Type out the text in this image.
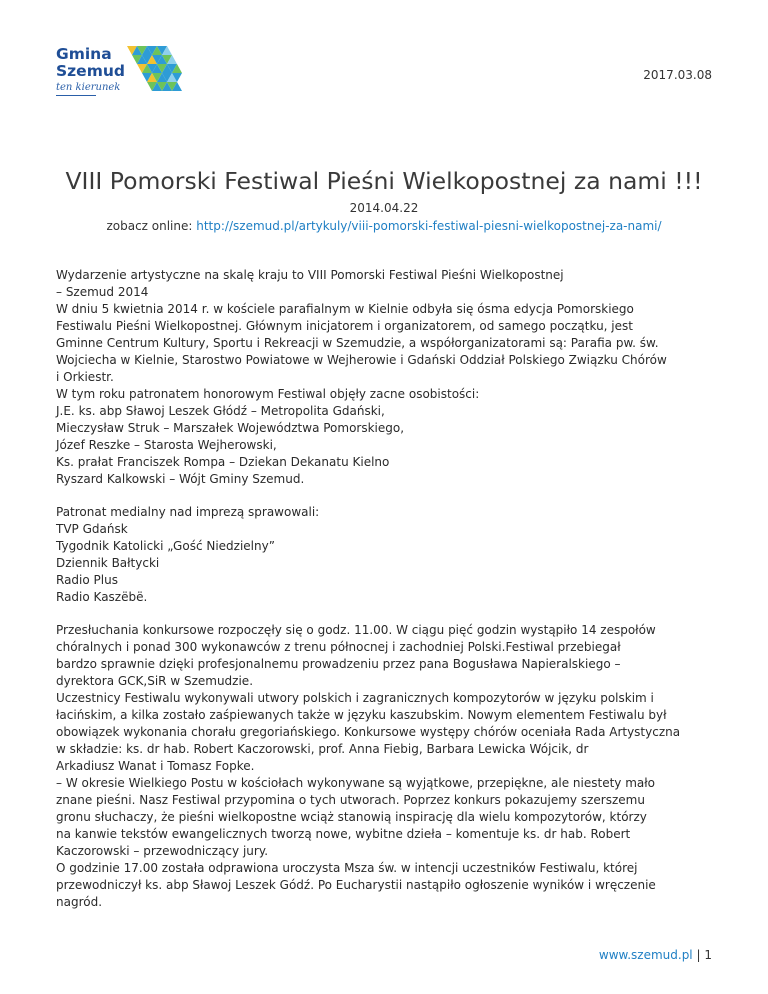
Gmina
Szemud
ten kierunek
2017.03.08
VIII Pomorski Festiwal Pieśni Wielkopostnej za nami !!!
2014.04.22
zobacz online: http://szemud.pl/artykuly/viii-pomorski-festiwal-piesni-wielkopostnej-za-nami/

Wydarzenie artystyczne na skalę kraju to VIII Pomorski Festiwal Pieśni Wielkopostnej
– Szemud 2014
W dniu 5 kwietnia 2014 r. w kościele parafialnym w Kielnie odbyła się ósma edycja Pomorskiego
Festiwalu Pieśni Wielkopostnej. Głównym inicjatorem i organizatorem, od samego początku, jest
Gminne Centrum Kultury, Sportu i Rekreacji w Szemudzie, a współorganizatorami są: Parafia pw. św.
Wojciecha w Kielnie, Starostwo Powiatowe w Wejherowie i Gdański Oddział Polskiego Związku Chórów
i Orkiestr.
W tym roku patronatem honorowym Festiwal objęły zacne osobistości:
J.E. ks. abp Sławoj Leszek Głódź – Metropolita Gdański,
Mieczysław Struk – Marszałek Województwa Pomorskiego,
Józef Reszke – Starosta Wejherowski,
Ks. prałat Franciszek Rompa – Dziekan Dekanatu Kielno
Ryszard Kalkowski – Wójt Gminy Szemud.

Patronat medialny nad imprezą sprawowali:
TVP Gdańsk
Tygodnik Katolicki „Gość Niedzielny”
Dziennik Bałtycki
Radio Plus
Radio Kaszëbë.

Przesłuchania konkursowe rozpoczęły się o godz. 11.00. W ciągu pięć godzin wystąpiło 14 zespołów
chóralnych i ponad 300 wykonawców z trenu północnej i zachodniej Polski.Festiwal przebiegał
bardzo sprawnie dzięki profesjonalnemu prowadzeniu przez pana Bogusława Napieralskiego –
dyrektora GCK,SiR w Szemudzie.
Uczestnicy Festiwalu wykonywali utwory polskich i zagranicznych kompozytorów w języku polskim i
łacińskim, a kilka zostało zaśpiewanych także w języku kaszubskim. Nowym elementem Festiwalu był
obowiązek wykonania chorału gregoriańskiego. Konkursowe występy chórów oceniała Rada Artystyczna
w składzie: ks. dr hab. Robert Kaczorowski, prof. Anna Fiebig, Barbara Lewicka Wójcik, dr
Arkadiusz Wanat i Tomasz Fopke.
– W okresie Wielkiego Postu w kościołach wykonywane są wyjątkowe, przepiękne, ale niestety mało
znane pieśni. Nasz Festiwal przypomina o tych utworach. Poprzez konkurs pokazujemy szerszemu
gronu słuchaczy, że pieśni wielkopostne wciąż stanowią inspirację dla wielu kompozytorów, którzy
na kanwie tekstów ewangelicznych tworzą nowe, wybitne dzieła – komentuje ks. dr hab. Robert
Kaczorowski – przewodniczący jury.
O godzinie 17.00 została odprawiona uroczysta Msza św. w intencji uczestników Festiwalu, której
przewodniczył ks. abp Sławoj Leszek Gódź. Po Eucharystii nastąpiło ogłoszenie wyników i wręczenie
nagród.

www.szemud.pl | 1
